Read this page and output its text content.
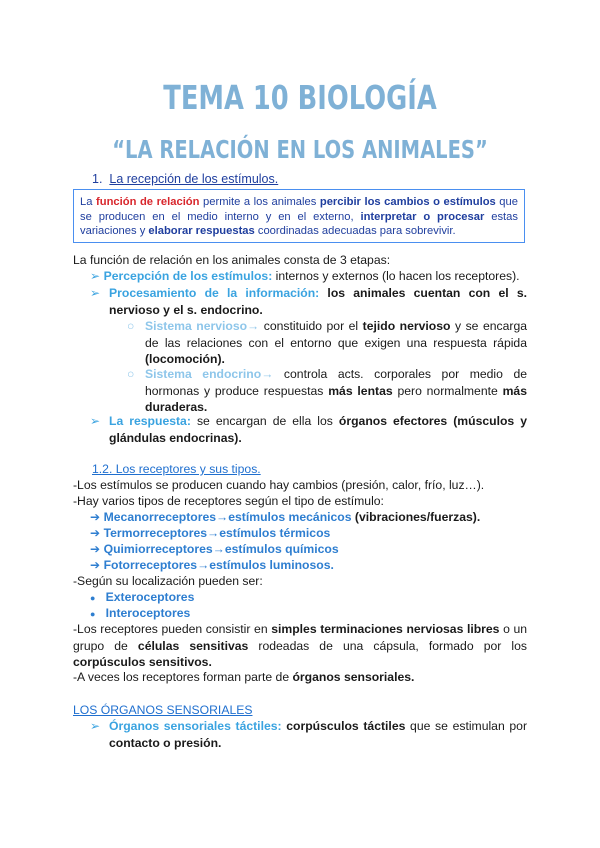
TEMA 10 BIOLOGÍA
“LA RELACIÓN EN LOS ANIMALES”
1. La recepción de los estímulos.
La función de relación permite a los animales percibir los cambios o estímulos que se producen en el medio interno y en el externo, interpretar o procesar estas variaciones y elaborar respuestas coordinadas adecuadas para sobrevivir.
La función de relación en los animales consta de 3 etapas:
➢ Percepción de los estímulos: internos y externos (lo hacen los receptores).
➢ Procesamiento de la información: los animales cuentan con el s. nervioso y el s. endocrino.
○ Sistema nervioso→ constituido por el tejido nervioso y se encarga de las relaciones con el entorno que exigen una respuesta rápida (locomoción).
○ Sistema endocrino→ controla acts. corporales por medio de hormonas y produce respuestas más lentas pero normalmente más duraderas.
➢ La respuesta: se encargan de ella los órganos efectores (músculos y glándulas endocrinas).
1.2. Los receptores y sus tipos.
-Los estímulos se producen cuando hay cambios (presión, calor, frío, luz…).
-Hay varios tipos de receptores según el tipo de estímulo:
➔ Mecanorreceptores→estímulos mecánicos (vibraciones/fuerzas).
➔ Termorreceptores→estímulos térmicos
➔ Quimiorreceptores→estímulos químicos
➔ Fotorreceptores→estímulos luminosos.
-Según su localización pueden ser:
● Exteroceptores
● Interoceptores
-Los receptores pueden consistir en simples terminaciones nerviosas libres o un grupo de células sensitivas rodeadas de una cápsula, formado por los corpúsculos sensitivos.
-A veces los receptores forman parte de órganos sensoriales.
LOS ÓRGANOS SENSORIALES
➢ Órganos sensoriales táctiles: corpúsculos táctiles que se estimulan por contacto o presión.
